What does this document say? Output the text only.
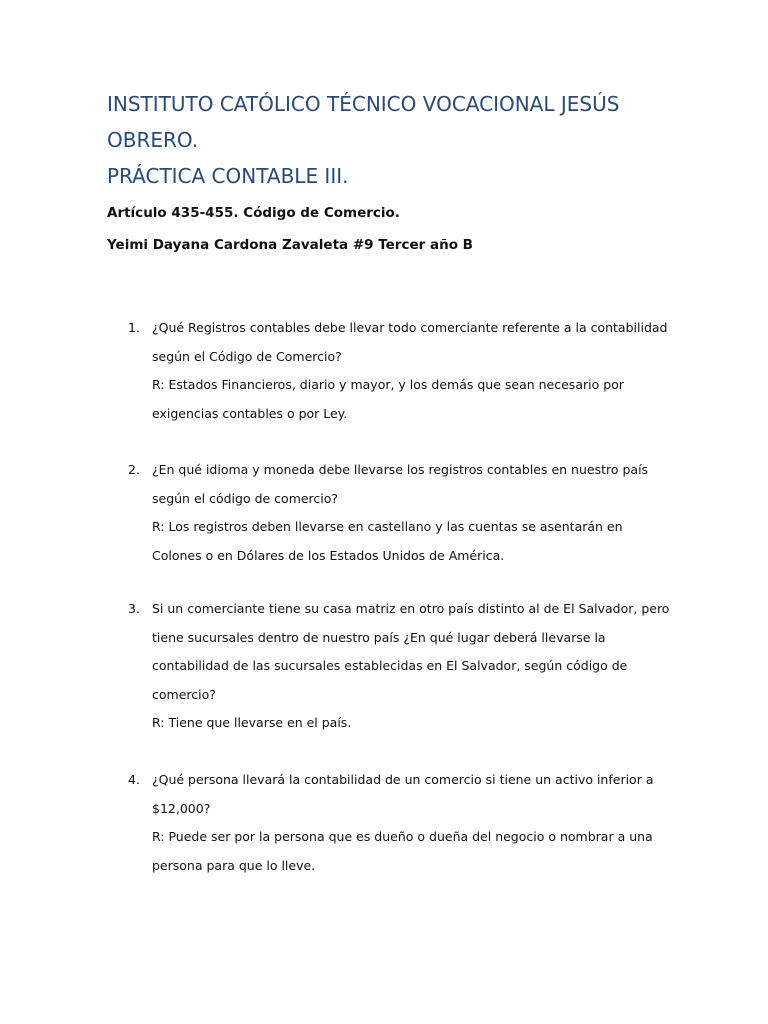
INSTITUTO CATÓLICO TÉCNICO VOCACIONAL JESÚS OBRERO.
PRÁCTICA CONTABLE III.
Artículo 435-455. Código de Comercio.
Yeimi Dayana Cardona Zavaleta #9 Tercer año B
1. ¿Qué Registros contables debe llevar todo comerciante referente a la contabilidad según el Código de Comercio?

R: Estados Financieros, diario y mayor, y los demás que sean necesario por exigencias contables o por Ley.

2. ¿En qué idioma y moneda debe llevarse los registros contables en nuestro país según el código de comercio?

R: Los registros deben llevarse en castellano y las cuentas se asentarán en Colones o en Dólares de los Estados Unidos de América.

3. Si un comerciante tiene su casa matriz en otro país distinto al de El Salvador, pero tiene sucursales dentro de nuestro país ¿En qué lugar deberá llevarse la contabilidad de las sucursales establecidas en El Salvador, según código de comercio?

R: Tiene que llevarse en el país.

4. ¿Qué persona llevará la contabilidad de un comercio si tiene un activo inferior a $12,000?

R: Puede ser por la persona que es dueño o dueña del negocio o nombrar a una persona para que lo lleve.
